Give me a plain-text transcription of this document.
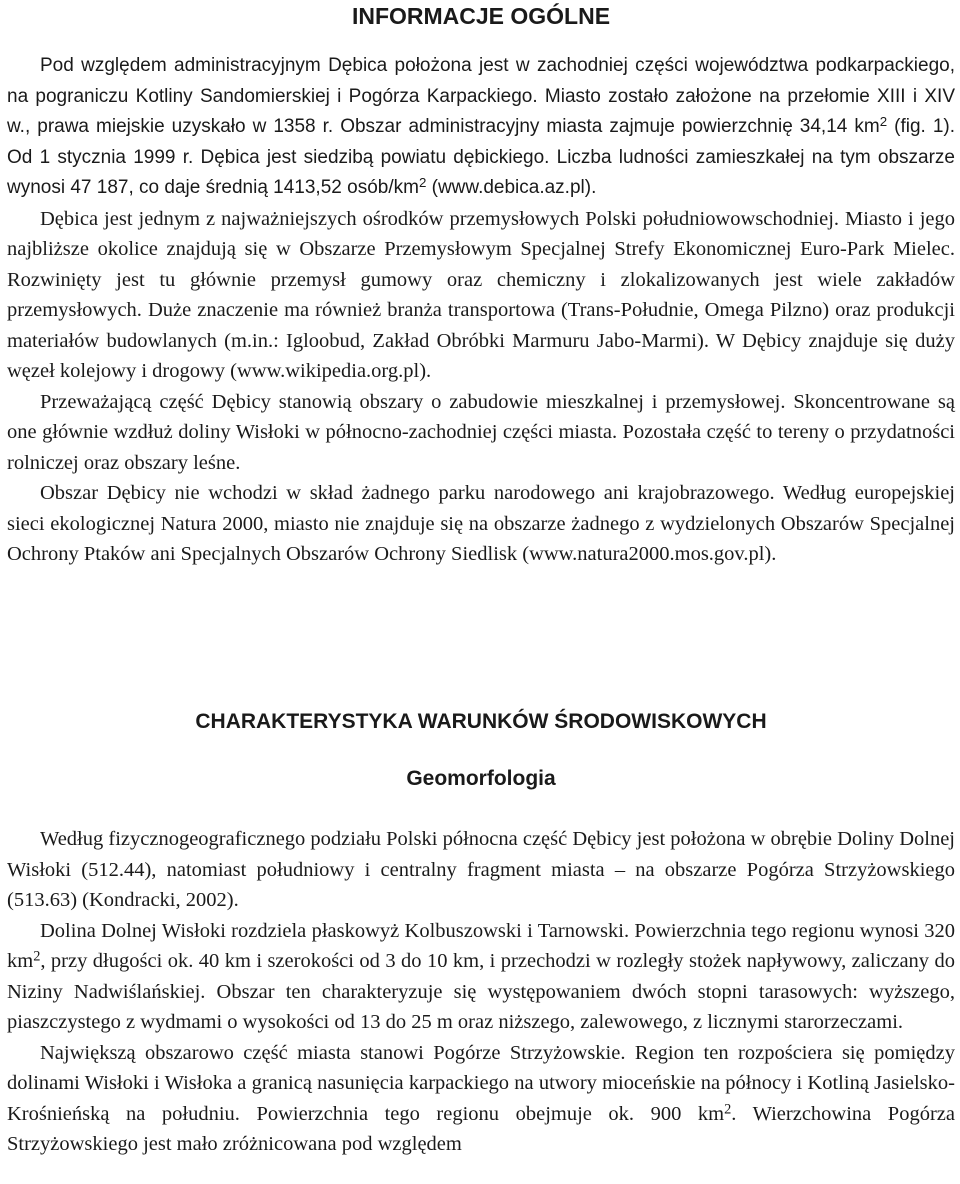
INFORMACJE OGÓLNE

Pod względem administracyjnym Dębica położona jest w zachodniej części województwa podkarpackiego, na pograniczu Kotliny Sandomierskiej i Pogórza Karpackiego. Miasto zostało założone na przełomie XIII i XIV w., prawa miejskie uzyskało w 1358 r. Obszar administracyjny miasta zajmuje powierzchnię 34,14 $km^2$ (fig. 1). Od 1 stycznia 1999 r. Dębica jest siedzibą powiatu dębickiego. Liczba ludności zamieszkałej na tym obszarze wynosi 47 187, co daje średnią 1413,52 osób/$km^2$ (www.debica.az.pl).

Dębica jest jednym z najważniejszych ośrodków przemysłowych Polski południowowschodniej. Miasto i jego najbliższe okolice znajdują się w Obszarze Przemysłowym Specjalnej Strefy Ekonomicznej Euro-Park Mielec. Rozwinięty jest tu głównie przemysł gumowy oraz chemiczny i zlokalizowanych jest wiele zakładów przemysłowych. Duże znaczenie ma również branża transportowa (Trans-Południe, Omega Pilzno) oraz produkcji materiałów budowlanych (m.in.: Igloobud, Zakład Obróbki Marmuru Jabo-Marmi). W Dębicy znajduje się duży węzeł kolejowy i drogowy (www.wikipedia.org.pl).

Przeważającą część Dębicy stanowią obszary o zabudowie mieszkalnej i przemysłowej. Skoncentrowane są one głównie wzdłuż doliny Wisłoki w północno-zachodniej części miasta. Pozostała część to tereny o przydatności rolniczej oraz obszary leśne.

Obszar Dębicy nie wchodzi w skład żadnego parku narodowego ani krajobrazowego. Według europejskiej sieci ekologicznej Natura 2000, miasto nie znajduje się na obszarze żadnego z wydzielonych Obszarów Specjalnej Ochrony Ptaków ani Specjalnych Obszarów Ochrony Siedlisk (www.natura2000.mos.gov.pl).

CHARAKTERYSTYKA WARUNKÓW ŚRODOWISKOWYCH
Geomorfologia

Według fizycznogeograficznego podziału Polski północna część Dębicy jest położona w obrębie Doliny Dolnej Wisłoki (512.44), natomiast południowy i centralny fragment miasta – na obszarze Pogórza Strzyżowskiego (513.63) (Kondracki, 2002).

Dolina Dolnej Wisłoki rozdziela płaskowyż Kolbuszowski i Tarnowski. Powierzchnia tego regionu wynosi 320 $km^2$, przy długości ok. 40 km i szerokości od 3 do 10 km, i przechodzi w rozległy stożek napływowy, zaliczany do Niziny Nadwiślańskiej. Obszar ten charakteryzuje się występowaniem dwóch stopni tarasowych: wyższego, piaszczystego z wydmami o wysokości od 13 do 25 m oraz niższego, zalewowego, z licznymi starorzeczami.

Największą obszarowo część miasta stanowi Pogórze Strzyżowskie. Region ten rozpościera się pomiędzy dolinami Wisłoki i Wisłoka a granicą nasunięcia karpackiego na utwory mioceńskie na północy i Kotliną Jasielsko-Krośnieńską na południu. Powierzchnia tego regionu obejmuje ok. 900 $km^2$. Wierzchowina Pogórza Strzyżowskiego jest mało zróżnicowana pod względem
